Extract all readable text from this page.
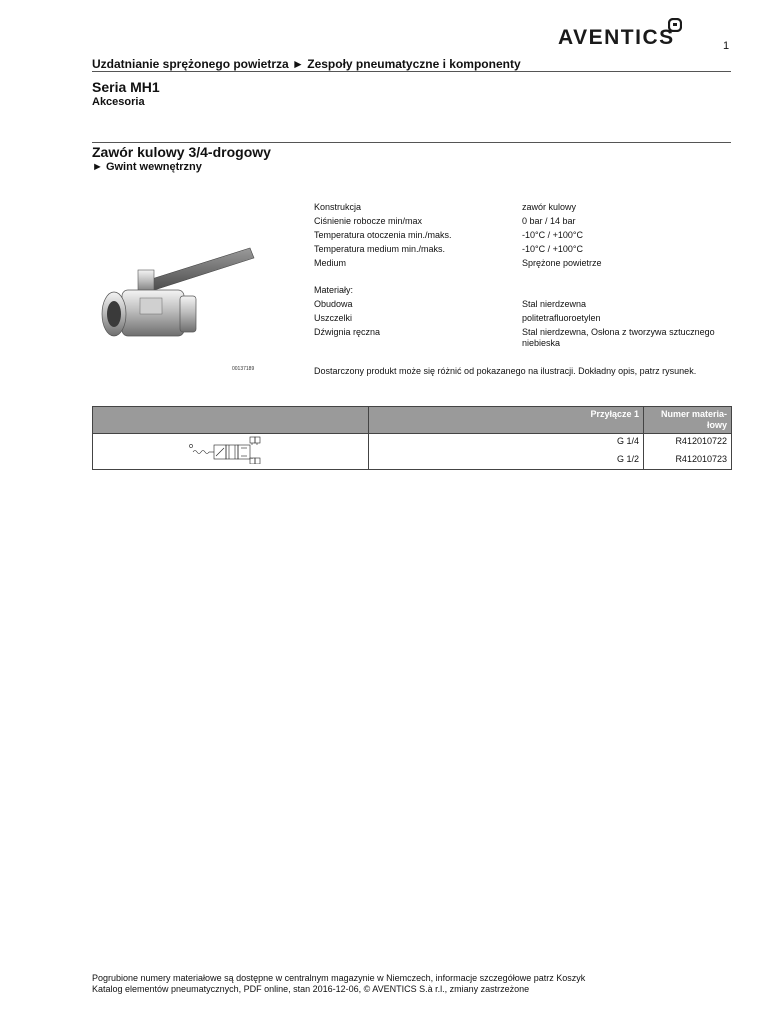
AVENTICS	1
Uzdatnianie sprężonego powietrza ► Zespoły pneumatyczne i komponenty
Seria MH1
Akcesoria
Zawór kulowy 3/4-drogowy
► Gwint wewnętrzny
Konstrukcja	zawór kulowy
Ciśnienie robocze min/max	0 bar / 14 bar
Temperatura otoczenia min./maks.	-10°C / +100°C
Temperatura medium min./maks.	-10°C / +100°C
Medium	Sprężone powietrze
Materiały:
Obudowa	Stal nierdzewna
Uszczelki	politetrafluoroetylen
Dźwignia ręczna	Stal nierdzewna, Osłona z tworzywa sztucznego niebieska
00137189	Dostarczony produkt może się różnić od pokazanego na ilustracji. Dokładny opis, patrz rysunek.
	Przyłącze 1	Numer materia-łowy
	G 1/4	R412010722
	G 1/2	R412010723
Pogrubione numery materiałowe są dostępne w centralnym magazynie w Niemczech, informacje szczegółowe patrz Koszyk
Katalog elementów pneumatycznych, PDF online, stan 2016-12-06, © AVENTICS S.à r.l., zmiany zastrzeżone
